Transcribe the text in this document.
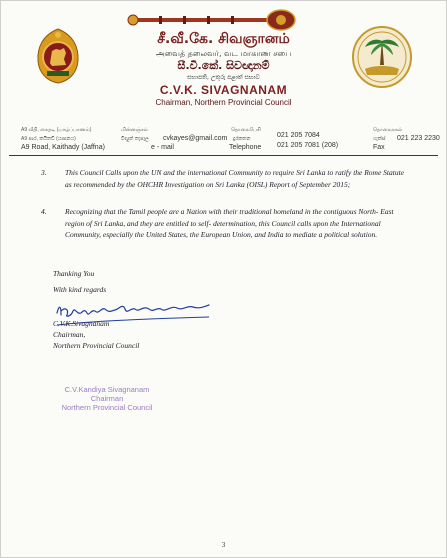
சீ.வீ.கே. சிவஞானம்
அவைத் தலைவர், வட மாகாண சபை
සී.වී.කේ. සිවඥානම්
සභාපති, උතුරු පළාත් සභාව
C.V.K. SIVAGNANAM
Chairman, Northern Provincial Council
A9 வீதி, கைதடி (யாழ்ப்பாணம்)
A9 පාර, කයිතඩි (යාපනය)
A9 Road, Kaithady (Jaffna)
மின்னஞ்சல்
විද්‍යුත් තැපෑල
e - mail
cvkayes@gmail.com
தொலைபேசி
දුරකතන
Telephone
021 205 7084
021 205 7081 (208)
தொலைநகல்
ෆැක්ස්
Fax
021 223 2230
3. This Council Calls upon the UN and the international Community to require Sri Lanka to ratify the Rome Statute as recommended by the OHCHR Investigation on Sri Lanka (OISL) Report of September 2015;
4. Recognizing that the Tamil people are a Nation with their traditional homeland in the contiguous North- East region of Sri Lanka, and they are entitled to self- determination, this Council calls upon the International Community, especially the United States, the European Union, and India to mediate a political solution.
Thanking You
With kind regards
C.V.K.Sivagnanam
Chairman,
Northern Provincial Council
C.V.Kandiya Sivagnanam
Chairman
Northern Provincial Council
3
